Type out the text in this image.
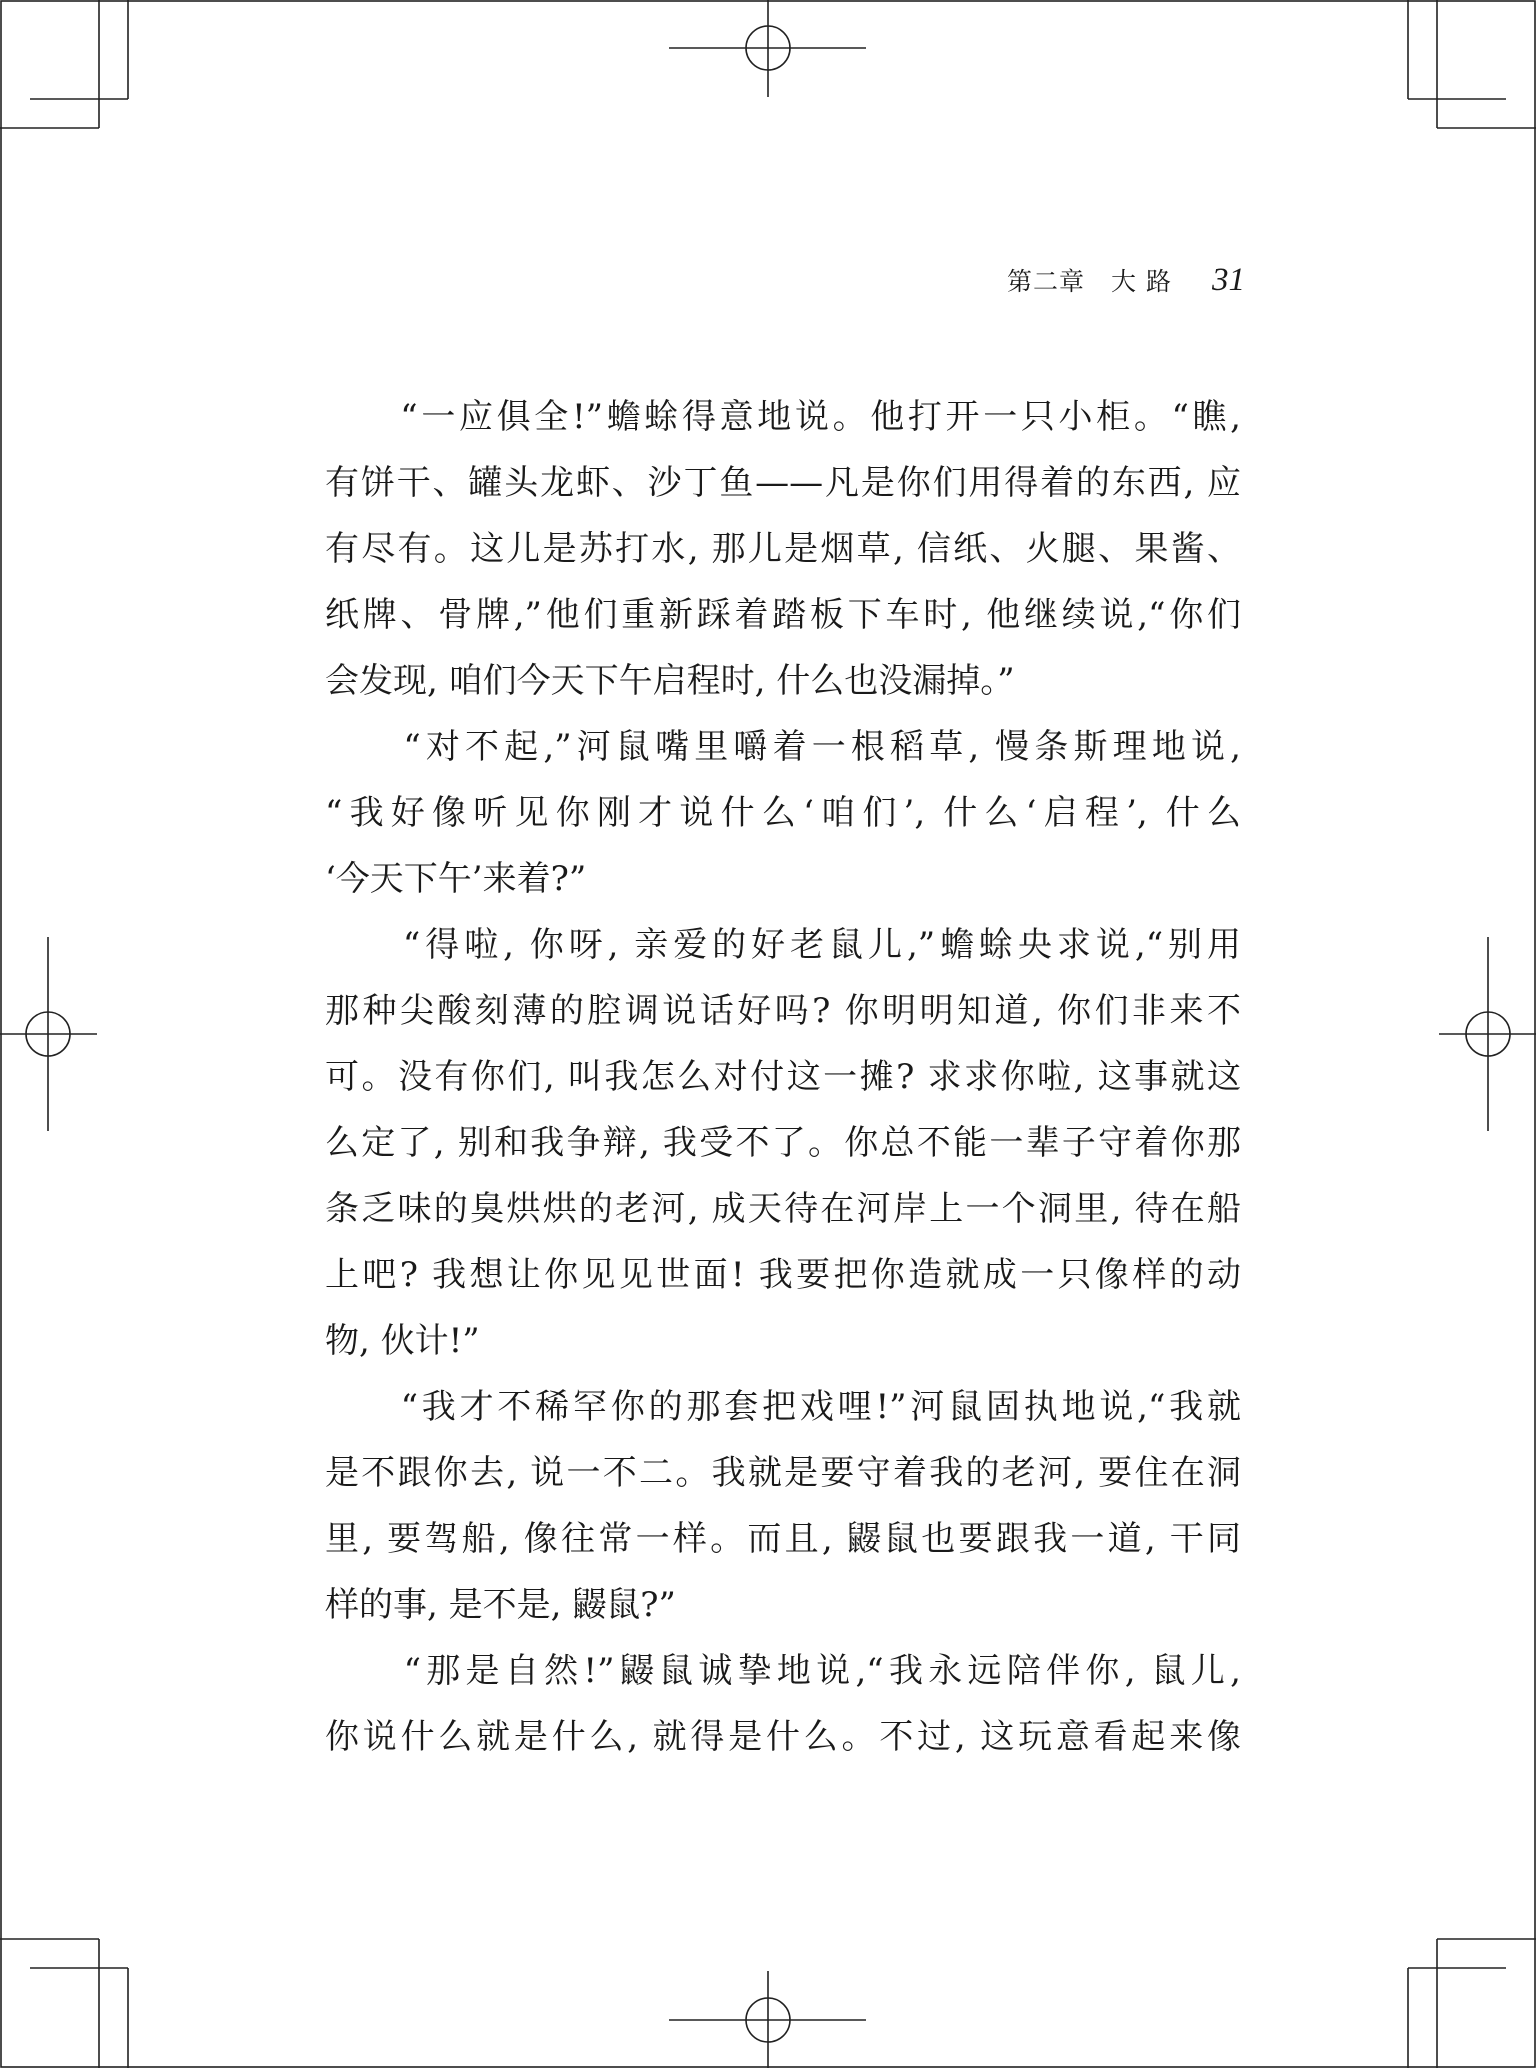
第二章　大 路 31
　　“一应俱全!”蟾蜍得意地说。他打开一只小柜。“瞧,
有饼干、罐头龙虾、沙丁鱼——凡是你们用得着的东西, 应
有尽有。这儿是苏打水, 那儿是烟草, 信纸、火腿、果酱、
纸牌、骨牌,”他们重新踩着踏板下车时, 他继续说,“你们
会发现, 咱们今天下午启程时, 什么也没漏掉。”
　　“对不起,”河鼠嘴里嚼着一根稻草, 慢条斯理地说,
“我好像听见你刚才说什么‘咱们’, 什么‘启程’, 什么
‘今天下午’来着?”
　　“得啦, 你呀, 亲爱的好老鼠儿,”蟾蜍央求说,“别用
那种尖酸刻薄的腔调说话好吗? 你明明知道, 你们非来不
可。没有你们, 叫我怎么对付这一摊? 求求你啦, 这事就这
么定了, 别和我争辩, 我受不了。你总不能一辈子守着你那
条乏味的臭烘烘的老河, 成天待在河岸上一个洞里, 待在船
上吧? 我想让你见见世面! 我要把你造就成一只像样的动
物, 伙计!”
　　“我才不稀罕你的那套把戏哩!”河鼠固执地说,“我就
是不跟你去, 说一不二。我就是要守着我的老河, 要住在洞
里, 要驾船, 像往常一样。而且, 鼹鼠也要跟我一道, 干同
样的事, 是不是, 鼹鼠?”
　　“那是自然!”鼹鼠诚挚地说,“我永远陪伴你, 鼠儿,
你说什么就是什么, 就得是什么。不过, 这玩意看起来像
